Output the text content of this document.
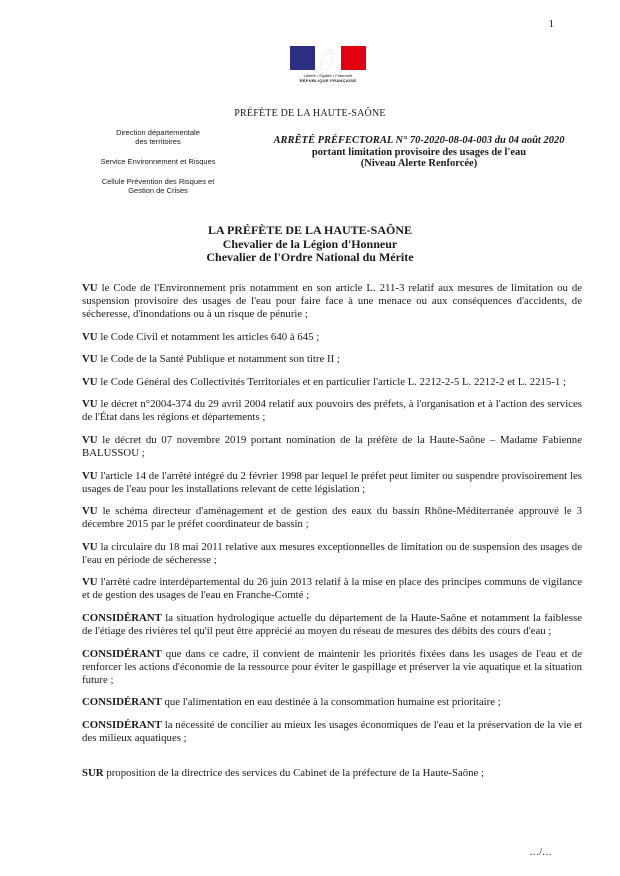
1
Liberté • Égalité • Fraternité
RÉPUBLIQUE FRANÇAISE
PRÉFÈTE DE LA HAUTE-SAÔNE
Direction départementale
des territoires
Service Environnement et Risques
Cellule Prévention des Risques et
Gestion de Crises
ARRÊTÉ PRÉFECTORAL N° 70-2020-08-04-003 du 04 août 2020
portant limitation provisoire des usages de l'eau
(Niveau Alerte Renforcée)
LA PRÉFÈTE DE LA HAUTE-SAÔNE
Chevalier de la Légion d'Honneur
Chevalier de l'Ordre National du Mérite

VU le Code de l'Environnement pris notamment en son article L. 211-3 relatif aux mesures de limitation ou de suspension provisoire des usages de l'eau pour faire face à une menace ou aux conséquences d'accidents, de sécheresse, d'inondations ou à un risque de pénurie ;

VU le Code Civil et notamment les articles 640 à 645 ;

VU le Code de la Santé Publique et notamment son titre II ;

VU le Code Général des Collectivités Territoriales et en particulier l'article L. 2212-2-5 L. 2212-2 et L. 2215-1 ;

VU le décret n°2004-374 du 29 avril 2004 relatif aux pouvoirs des préfets, à l'organisation et à l'action des services de l'État dans les régions et départements ;

VU le décret du 07 novembre 2019 portant nomination de la préfète de la Haute-Saône – Madame Fabienne BALUSSOU ;

VU l'article 14 de l'arrêté intégré du 2 février 1998 par lequel le préfet peut limiter ou suspendre provisoirement les usages de l'eau pour les installations relevant de cette législation ;

VU le schéma directeur d'aménagement et de gestion des eaux du bassin Rhône-Méditerranée approuvé le 3 décembre 2015 par le préfet coordinateur de bassin ;

VU la circulaire du 18 mai 2011 relative aux mesures exceptionnelles de limitation ou de suspension des usages de l'eau en période de sécheresse ;

VU l'arrêté cadre interdépartemental du 26 juin 2013 relatif à la mise en place des principes communs de vigilance et de gestion des usages de l'eau en Franche-Comté ;

CONSIDÉRANT la situation hydrologique actuelle du département de la Haute-Saône et notamment la faiblesse de l'étiage des rivières tel qu'il peut être apprécié au moyen du réseau de mesures des débits des cours d'eau ;

CONSIDÉRANT que dans ce cadre, il convient de maintenir les priorités fixées dans les usages de l'eau et de renforcer les actions d'économie de la ressource pour éviter le gaspillage et préserver la vie aquatique et la situation future ;

CONSIDÉRANT que l'alimentation en eau destinée à la consommation humaine est prioritaire ;

CONSIDÉRANT la nécessité de concilier au mieux les usages économiques de l'eau et la préservation de la vie et des milieux aquatiques ;

SUR proposition de la directrice des services du Cabinet de la préfecture de la Haute-Saône ;

…/…
